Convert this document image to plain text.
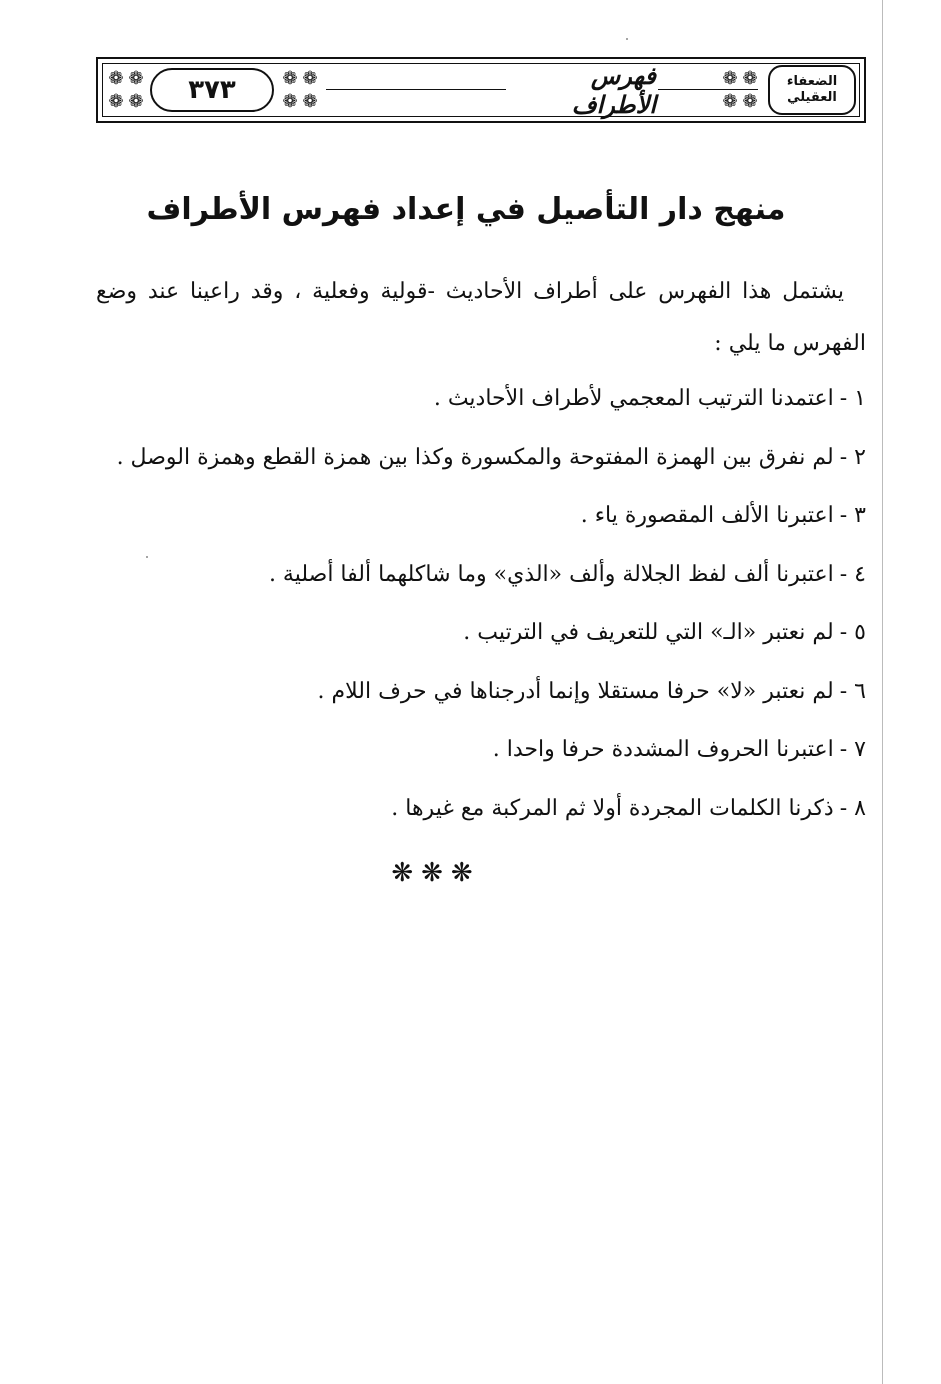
❁ ❁
❁ ❁ ٣٧٣	❁ ❁
❁ ❁
فهرس الأطراف
❁ ❁
❁ ❁
الضعفاء
العقيلي
منهج دار التأصيل في إعداد فهرس الأطراف

يشتمل هذا الفهرس على أطراف الأحاديث -قولية وفعلية ، وقد راعينا عند وضع الفهرس ما يلي :

١ -اعتمدنا الترتيب المعجمي لأطراف الأحاديث .
٢ -لم نفرق بين الهمزة المفتوحة والمكسورة وكذا بين همزة القطع وهمزة الوصل .
٣ -اعتبرنا الألف المقصورة ياء .
٤ -اعتبرنا ألف لفظ الجلالة وألف «الذي» وما شاكلهما ألفا أصلية .
٥ -لم نعتبر «الـ» التي للتعريف في الترتيب .
٦ -لم نعتبر «لا» حرفا مستقلا وإنما أدرجناها في حرف اللام .
٧ -اعتبرنا الحروف المشددة حرفا واحدا .
٨ -ذكرنا الكلمات المجردة أولا ثم المركبة مع غيرها .
❋❋❋
